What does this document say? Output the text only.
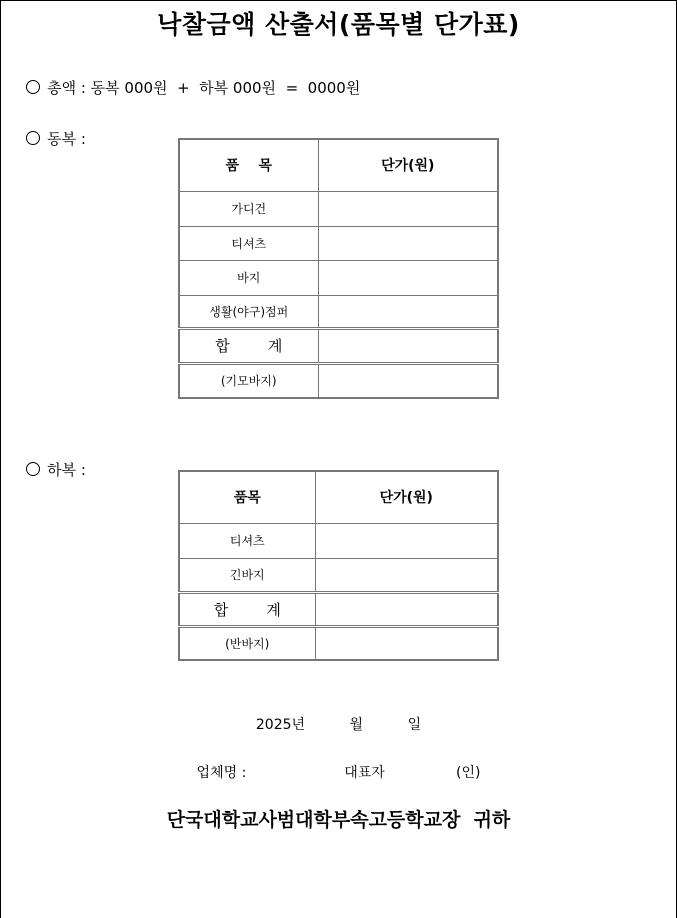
낙찰금액 산출서(품목별 단가표)

총액 : 동복 000원  +  하복 000원  =  0000원

동복 :

품    목	단가(원)
가디건	
티셔츠	
바지	
생활(야구)점퍼	
합        계	
(기모바지)	

하복 :

품목	단가(원)
티셔츠	
긴바지	
합        계	
(반바지)	
2025년	월	일
업체명 :	대표자	(인)
단국대학교사범대학부속고등학교장  귀하
